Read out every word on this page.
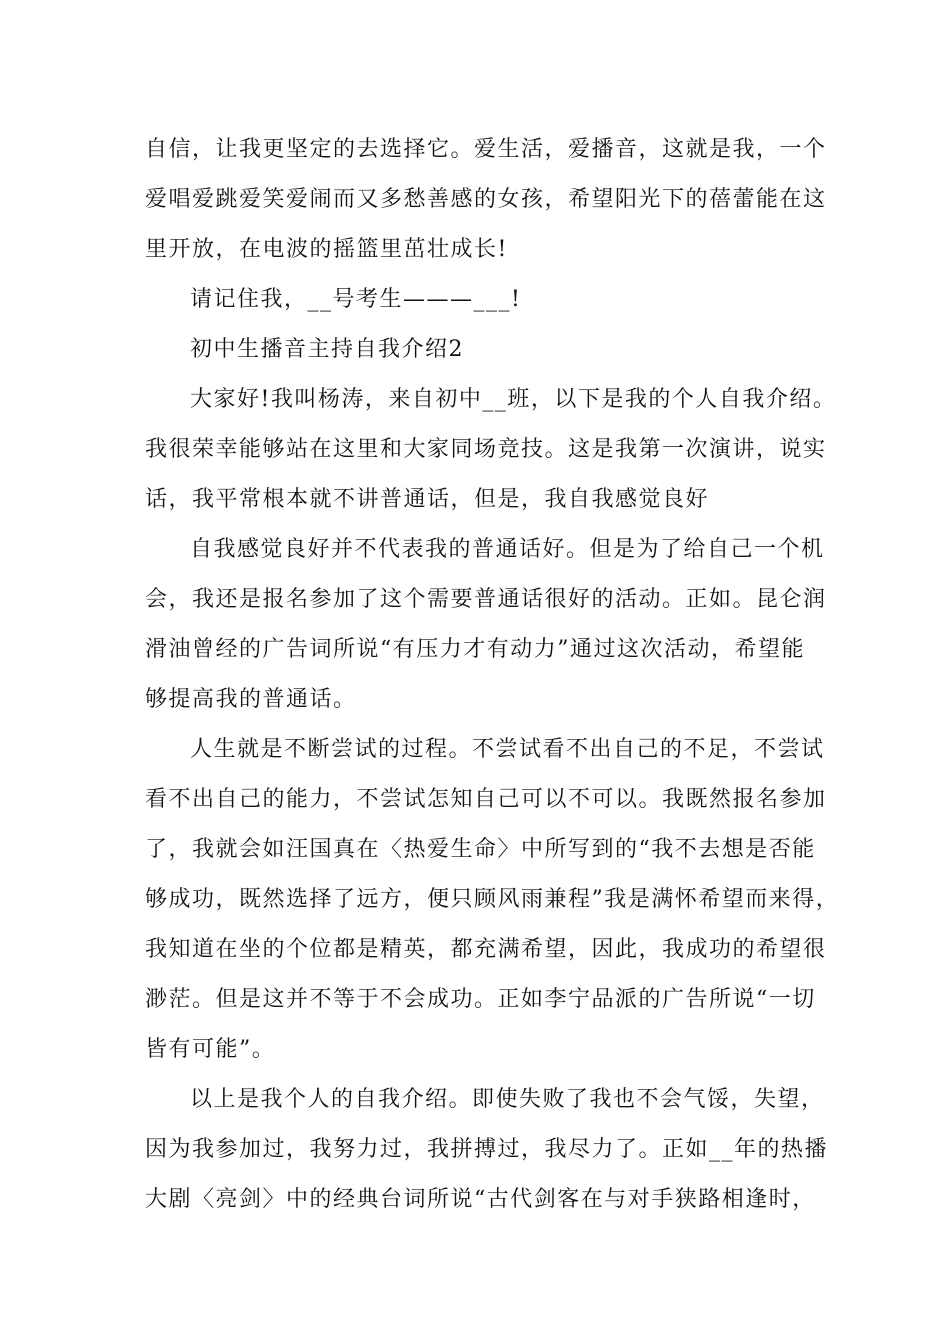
自信，让我更坚定的去选择它。爱生活，爱播音，这就是我，一个
爱唱爱跳爱笑爱闹而又多愁善感的女孩，希望阳光下的蓓蕾能在这
里开放，在电波的摇篮里茁壮成长!
请记住我，__号考生———___!
初中生播音主持自我介绍2
大家好!我叫杨涛，来自初中__班，以下是我的个人自我介绍。
我很荣幸能够站在这里和大家同场竞技。这是我第一次演讲，说实
话，我平常根本就不讲普通话，但是，我自我感觉良好
自我感觉良好并不代表我的普通话好。但是为了给自己一个机
会，我还是报名参加了这个需要普通话很好的活动。正如。昆仑润
滑油曾经的广告词所说“有压力才有动力”通过这次活动，希望能
够提高我的普通话。
人生就是不断尝试的过程。不尝试看不出自己的不足，不尝试
看不出自己的能力，不尝试怎知自己可以不可以。我既然报名参加
了，我就会如汪国真在〈热爱生命〉中所写到的“我不去想是否能
够成功，既然选择了远方，便只顾风雨兼程”我是满怀希望而来得，
我知道在坐的个位都是精英，都充满希望，因此，我成功的希望很
渺茫。但是这并不等于不会成功。正如李宁品派的广告所说“一切
皆有可能”。
以上是我个人的自我介绍。即使失败了我也不会气馁，失望，
因为我参加过，我努力过，我拼搏过，我尽力了。正如__年的热播
大剧〈亮剑〉中的经典台词所说“古代剑客在与对手狭路相逢时，
